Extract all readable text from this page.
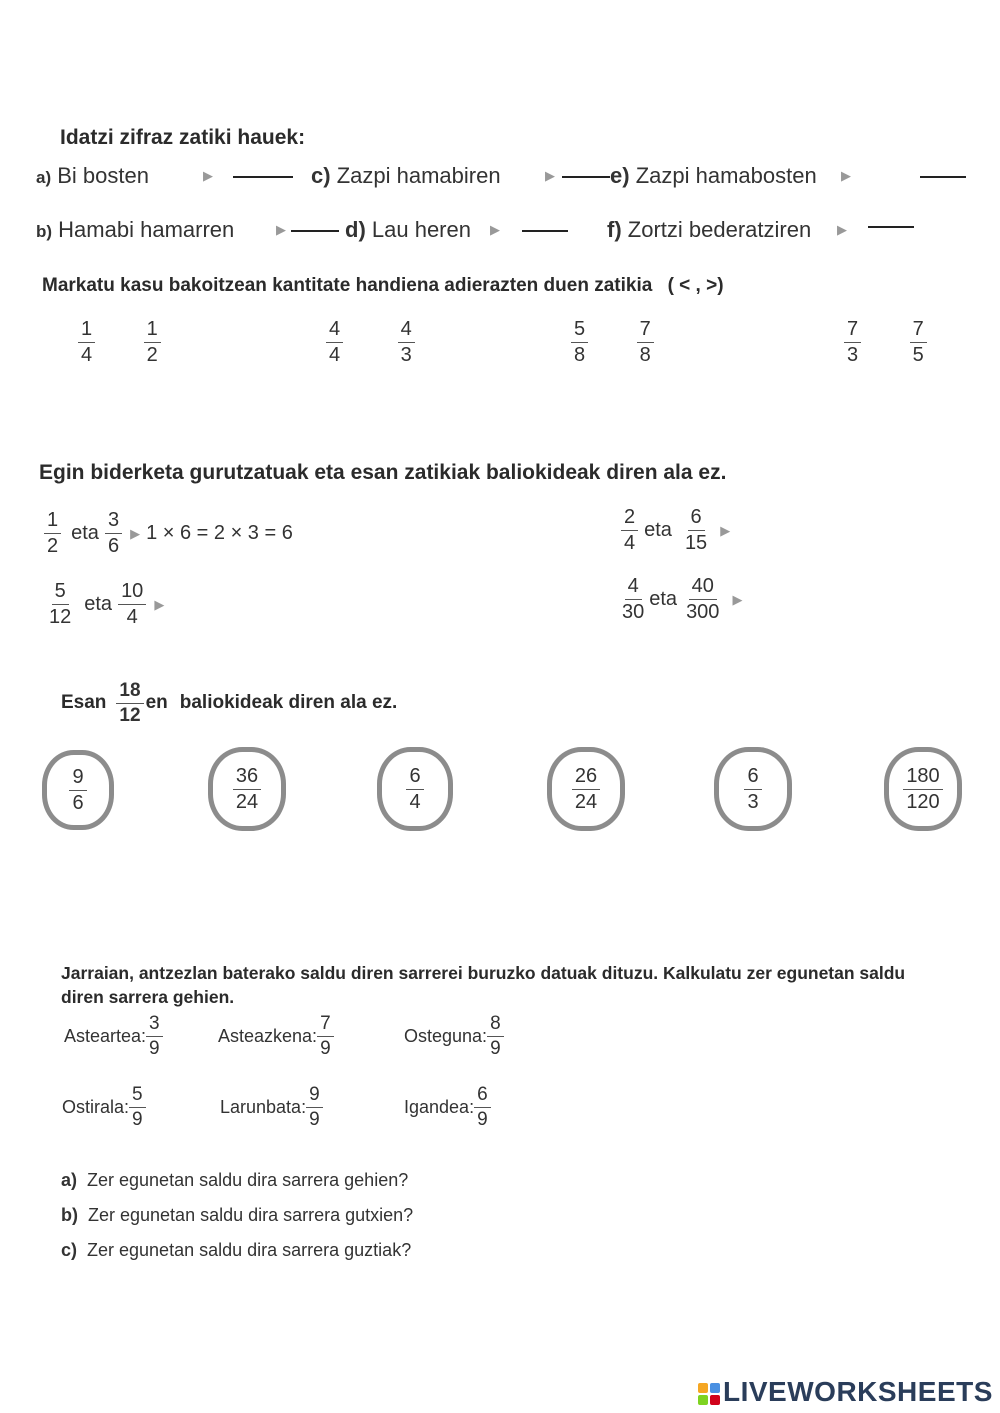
Idatzi zifraz zatiki hauek:
a) Bi bosten	▶	c) Zazpi hamabiren	▶	e) Zazpi hamabosten ▶
b) Hamabi hamarren	▶	d) Lau heren ▶	f) Zortzi bederatziren ▶
Markatu kasu bakoitzean kantitate handiena adierazten duen zatikia ( < , >)
$\frac{1}{4}$
$\frac{1}{2}$	$\frac{4}{4}$
	$\frac{4}{3}$	$\frac{5}{8}$
$\frac{7}{8}$	$\frac{7}{3}$
$\frac{7}{5}$
Egin biderketa gurutzatuak eta esan zatikiak baliokideak diren ala ez.
$\frac{1}{2}$ eta $\frac{3}{6}$ ▶ 1 × 6 = 2 × 3 = 6	$\frac{2}{4}$ eta $\frac{6}{15}$ ▶
$\frac{5}{12}$ eta $\frac{10}{4}$ ▶	$\frac{4}{30}$ eta $\frac{40}{300}$ ▶
Esan $\frac{18}{12}$ en baliokideak diren ala ez.
$\frac{9}{6}$	$\frac{36}{24}$	$\frac{6}{4}$	$\frac{26}{24}$	$\frac{6}{3}$	$\frac{180}{120}$
Jarraian, antzezlan baterako saldu diren sarrerei buruzko datuak dituzu. Kalkulatu zer egunetan saldu
diren sarrera gehien.
Astearteа: $\frac{3}{9}$	Asteazkena: $\frac{7}{9}$	Osteguna: $\frac{8}{9}$
Ostirala: $\frac{5}{9}$	Larunbata: $\frac{9}{9}$	Igandea: $\frac{6}{9}$
a) Zer egunetan saldu dira sarrera gehien?
b) Zer egunetan saldu dira sarrera gutxien?
c) Zer egunetan saldu dira sarrera guztiak?
LIVEWORKSHEETS
